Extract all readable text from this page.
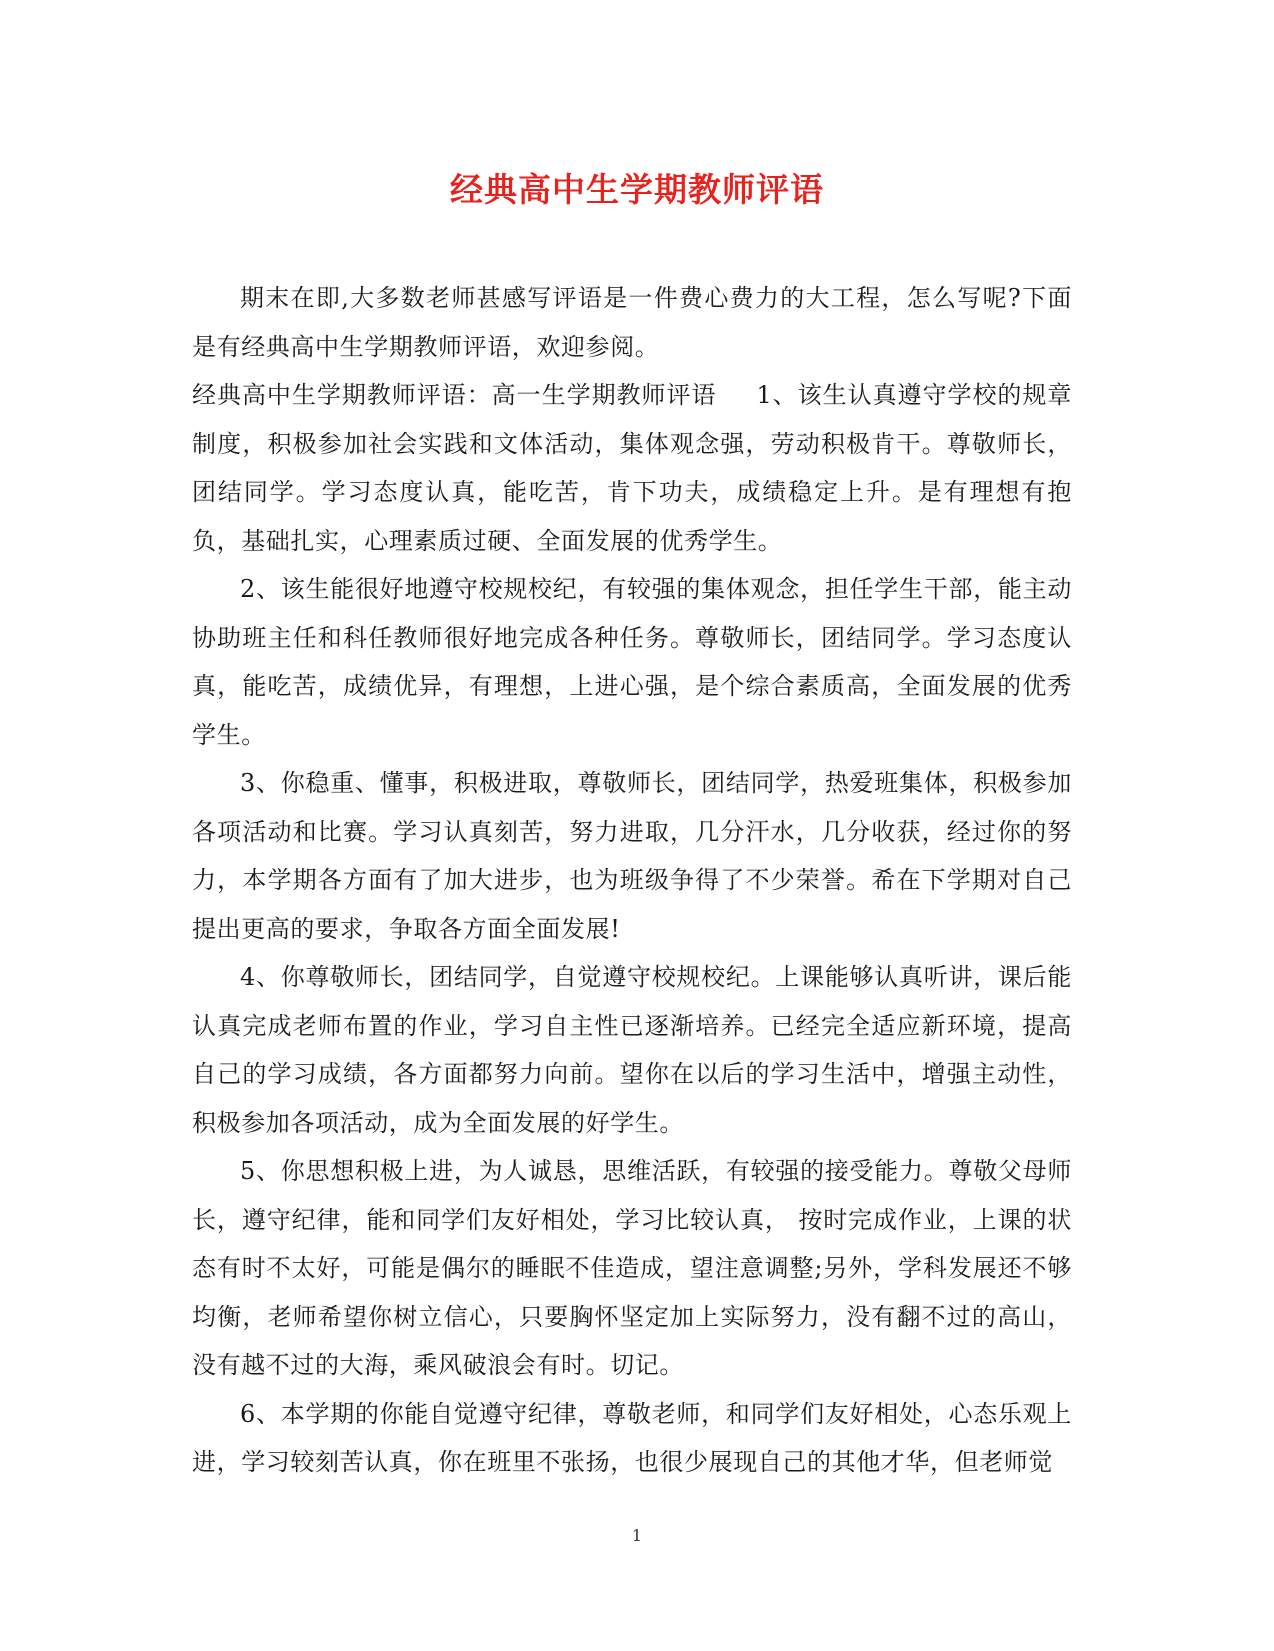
经典高中生学期教师评语

期末在即,大多数老师甚感写评语是一件费心费力的大工程，怎么写呢?下面是有经典高中生学期教师评语，欢迎参阅。

经典高中生学期教师评语：高一生学期教师评语 1、该生认真遵守学校的规章制度，积极参加社会实践和文体活动，集体观念强，劳动积极肯干。尊敬师长，团结同学。学习态度认真，能吃苦，肯下功夫，成绩稳定上升。是有理想有抱负，基础扎实，心理素质过硬、全面发展的优秀学生。

2、该生能很好地遵守校规校纪，有较强的集体观念，担任学生干部，能主动协助班主任和科任教师很好地完成各种任务。尊敬师长，团结同学。学习态度认真，能吃苦，成绩优异，有理想，上进心强，是个综合素质高，全面发展的优秀学生。

3、你稳重、懂事，积极进取，尊敬师长，团结同学，热爱班集体，积极参加各项活动和比赛。学习认真刻苦，努力进取，几分汗水，几分收获，经过你的努力，本学期各方面有了加大进步，也为班级争得了不少荣誉。希在下学期对自己提出更高的要求，争取各方面全面发展!

4、你尊敬师长，团结同学，自觉遵守校规校纪。上课能够认真听讲，课后能认真完成老师布置的作业，学习自主性已逐渐培养。已经完全适应新环境，提高自己的学习成绩，各方面都努力向前。望你在以后的学习生活中，增强主动性，积极参加各项活动，成为全面发展的好学生。

5、你思想积极上进，为人诚恳，思维活跃，有较强的接受能力。尊敬父母师长，遵守纪律，能和同学们友好相处，学习比较认真， 按时完成作业，上课的状态有时不太好，可能是偶尔的睡眠不佳造成，望注意调整;另外，学科发展还不够均衡，老师希望你树立信心，只要胸怀坚定加上实际努力，没有翻不过的高山，没有越不过的大海，乘风破浪会有时。切记。

6、本学期的你能自觉遵守纪律，尊敬老师，和同学们友好相处，心态乐观上进，学习较刻苦认真，你在班里不张扬，也很少展现自己的其他才华，但老师觉

1
